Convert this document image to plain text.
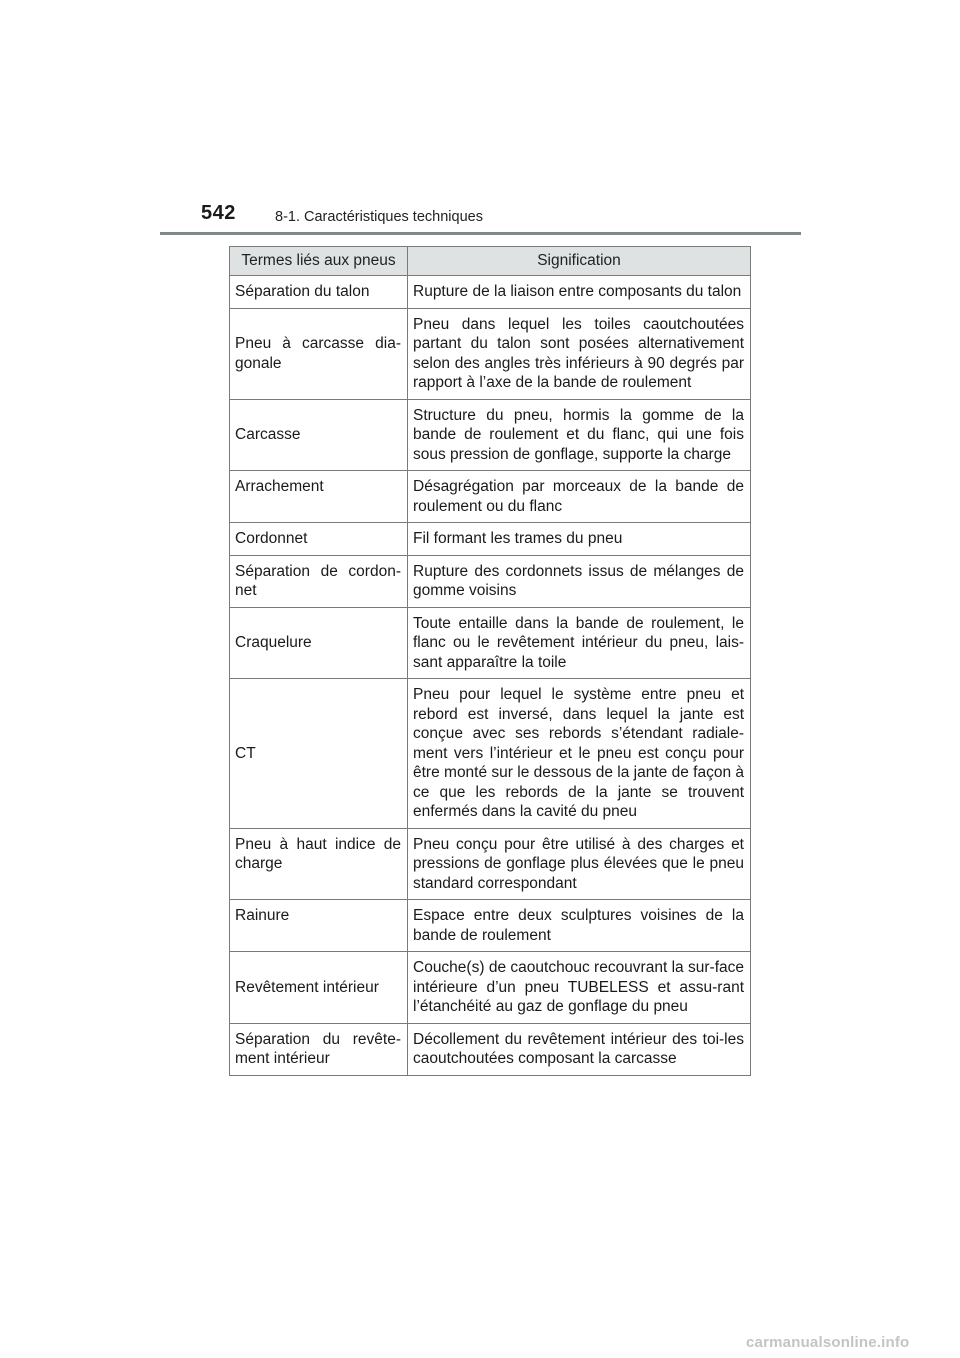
542	8-1. Caractéristiques techniques
Termes liés aux pneus	Signification
Séparation du talon	Rupture de la liaison entre composants du talon
Pneu à carcasse dia-gonale	Pneu dans lequel les toiles caoutchoutées partant du talon sont posées alternativement selon des angles très inférieurs à 90 degrés par rapport à l’axe de la bande de roulement
Carcasse	Structure du pneu, hormis la gomme de la bande de roulement et du flanc, qui une fois sous pression de gonflage, supporte la charge
Arrachement	Désagrégation par morceaux de la bande de roulement ou du flanc
Cordonnet	Fil formant les trames du pneu
Séparation de cordon-net	Rupture des cordonnets issus de mélanges de gomme voisins
Craquelure	Toute entaille dans la bande de roulement, le flanc ou le revêtement intérieur du pneu, lais-sant apparaître la toile
CT	Pneu pour lequel le système entre pneu et rebord est inversé, dans lequel la jante est conçue avec ses rebords s’étendant radiale-ment vers l’intérieur et le pneu est conçu pour être monté sur le dessous de la jante de façon à ce que les rebords de la jante se trouvent enfermés dans la cavité du pneu
Pneu à haut indice de charge	Pneu conçu pour être utilisé à des charges et pressions de gonflage plus élevées que le pneu standard correspondant
Rainure	Espace entre deux sculptures voisines de la bande de roulement
Revêtement intérieur	Couche(s) de caoutchouc recouvrant la sur-face intérieure d’un pneu TUBELESS et assu-rant l’étanchéité au gaz de gonflage du pneu
Séparation du revête-ment intérieur	Décollement du revêtement intérieur des toi-les caoutchoutées composant la carcasse
carmanualsonline.info
